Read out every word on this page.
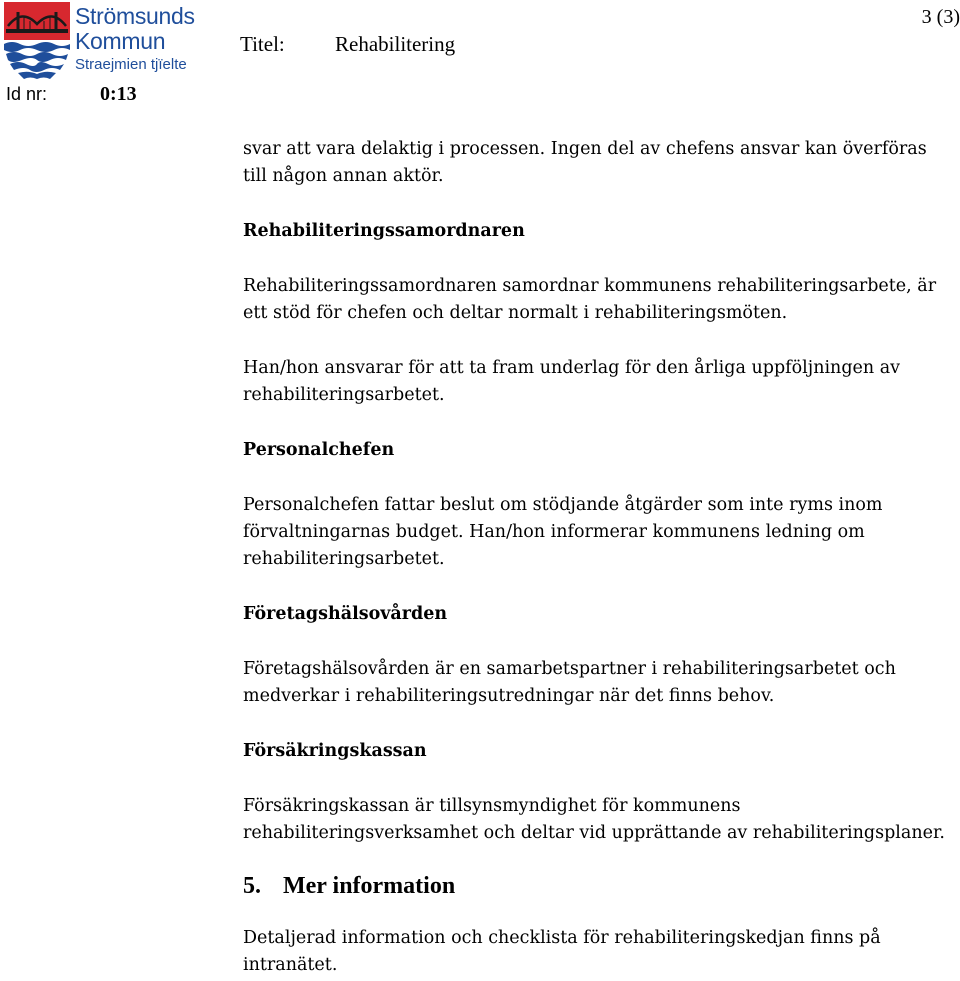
Strömsunds
Kommun
Straejmien tjïelte
Titel: Rehabilitering
3 (3)
Id nr:	0:13

svar att vara delaktig i processen. Ingen del av chefens ansvar kan överföras till någon annan aktör.

Rehabiliteringssamordnaren

Rehabiliteringssamordnaren samordnar kommunens rehabiliteringsarbete, är ett stöd för chefen och deltar normalt i rehabiliteringsmöten.

Han/hon ansvarar för att ta fram underlag för den årliga uppföljningen av rehabiliteringsarbetet.

Personalchefen

Personalchefen fattar beslut om stödjande åtgärder som inte ryms inom förvaltningarnas budget. Han/hon informerar kommunens ledning om rehabiliteringsarbetet.

Företagshälsovården

Företagshälsovården är en samarbetspartner i rehabiliteringsarbetet och medverkar i rehabiliteringsutredningar när det finns behov.

Försäkringskassan

Försäkringskassan är tillsynsmyndighet för kommunens rehabiliteringsverksamhet och deltar vid upprättande av rehabiliteringsplaner.

5. Mer information

Detaljerad information och checklista för rehabiliteringskedjan finns på intranätet.
